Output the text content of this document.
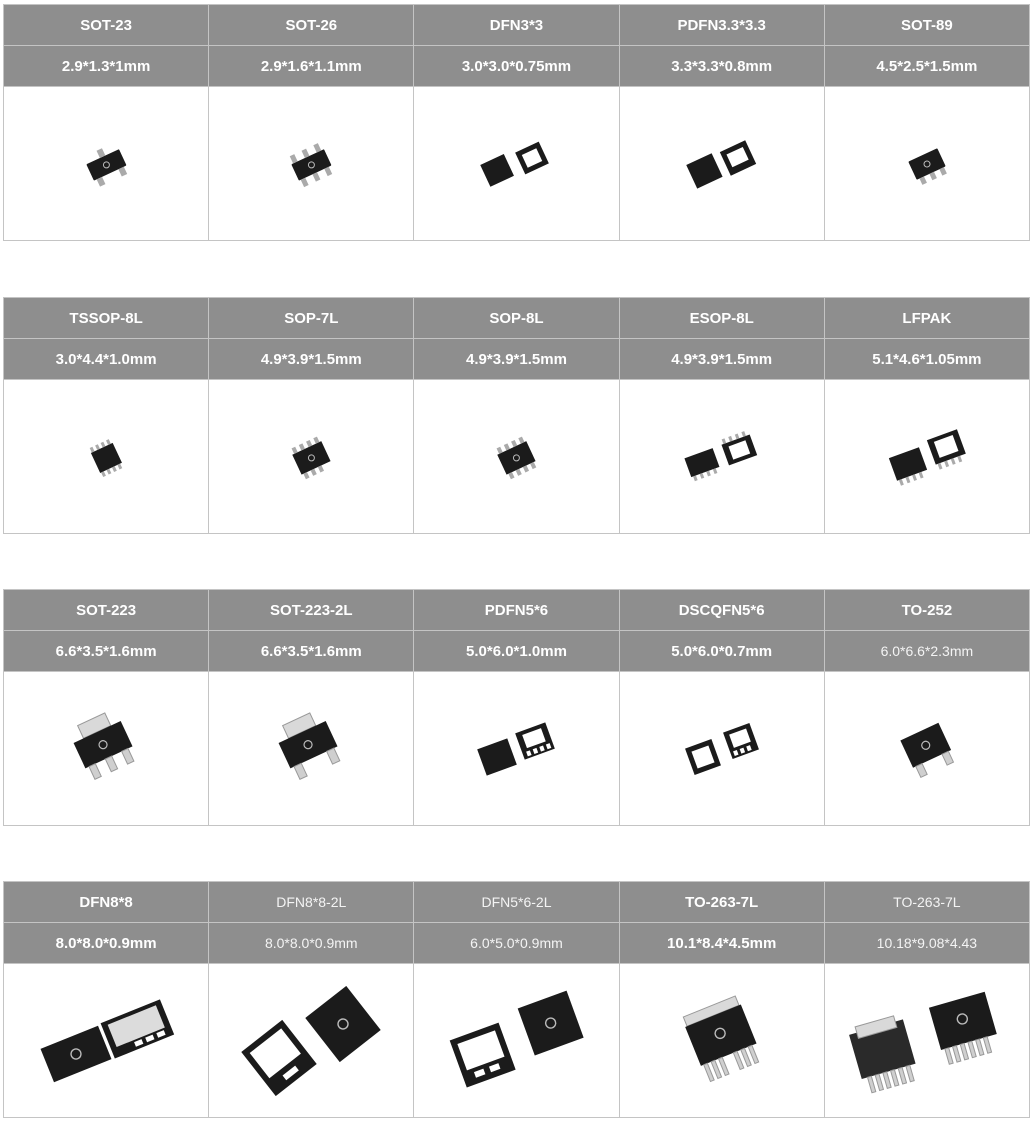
SOT-23	SOT-26	DFN3*3	PDFN3.3*3.3	SOT-89
2.9*1.3*1mm	2.9*1.6*1.1mm	3.0*3.0*0.75mm	3.3*3.3*0.8mm	4.5*2.5*1.5mm

TSSOP-8L	SOP-7L	SOP-8L	ESOP-8L	LFPAK
3.0*4.4*1.0mm	4.9*3.9*1.5mm	4.9*3.9*1.5mm	4.9*3.9*1.5mm	5.1*4.6*1.05mm

SOT-223	SOT-223-2L	PDFN5*6	DSCQFN5*6	TO-252
6.6*3.5*1.6mm	6.6*3.5*1.6mm	5.0*6.0*1.0mm	5.0*6.0*0.7mm	6.0*6.6*2.3mm

DFN8*8	DFN8*8-2L	DFN5*6-2L	TO-263-7L	TO-263-7L
8.0*8.0*0.9mm	8.0*8.0*0.9mm	6.0*5.0*0.9mm	10.1*8.4*4.5mm	10.18*9.08*4.43
